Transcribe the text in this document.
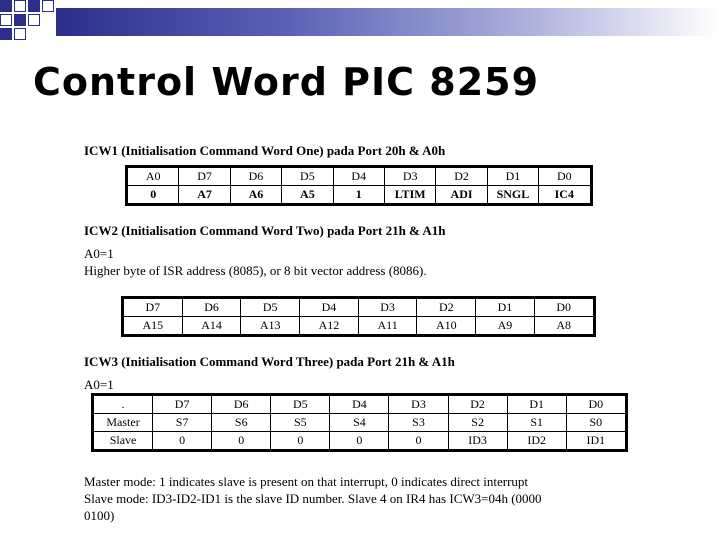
Control Word PIC 8259
ICW1 (Initialisation Command Word One) pada Port 20h & A0h
A0	D7	D6	D5	D4	D3	D2	D1	D0
0	A7	A6	A5	1	LTIM	ADI	SNGL	IC4
ICW2 (Initialisation Command Word Two) pada Port 21h & A1h
A0=1
Higher byte of ISR address (8085), or 8 bit vector address (8086).
D7	D6	D5	D4	D3	D2	D1	D0
A15	A14	A13	A12	A11	A10	A9	A8
ICW3 (Initialisation Command Word Three) pada Port 21h & A1h
A0=1
.	D7	D6	D5	D4	D3	D2	D1	D0
Master	S7	S6	S5	S4	S3	S2	S1	S0
Slave	0	0	0	0	0	ID3	ID2	ID1
Master mode: 1 indicates slave is present on that interrupt, 0 indicates direct interrupt
Slave mode: ID3-ID2-ID1 is the slave ID number. Slave 4 on IR4 has ICW3=04h (0000
0100)
